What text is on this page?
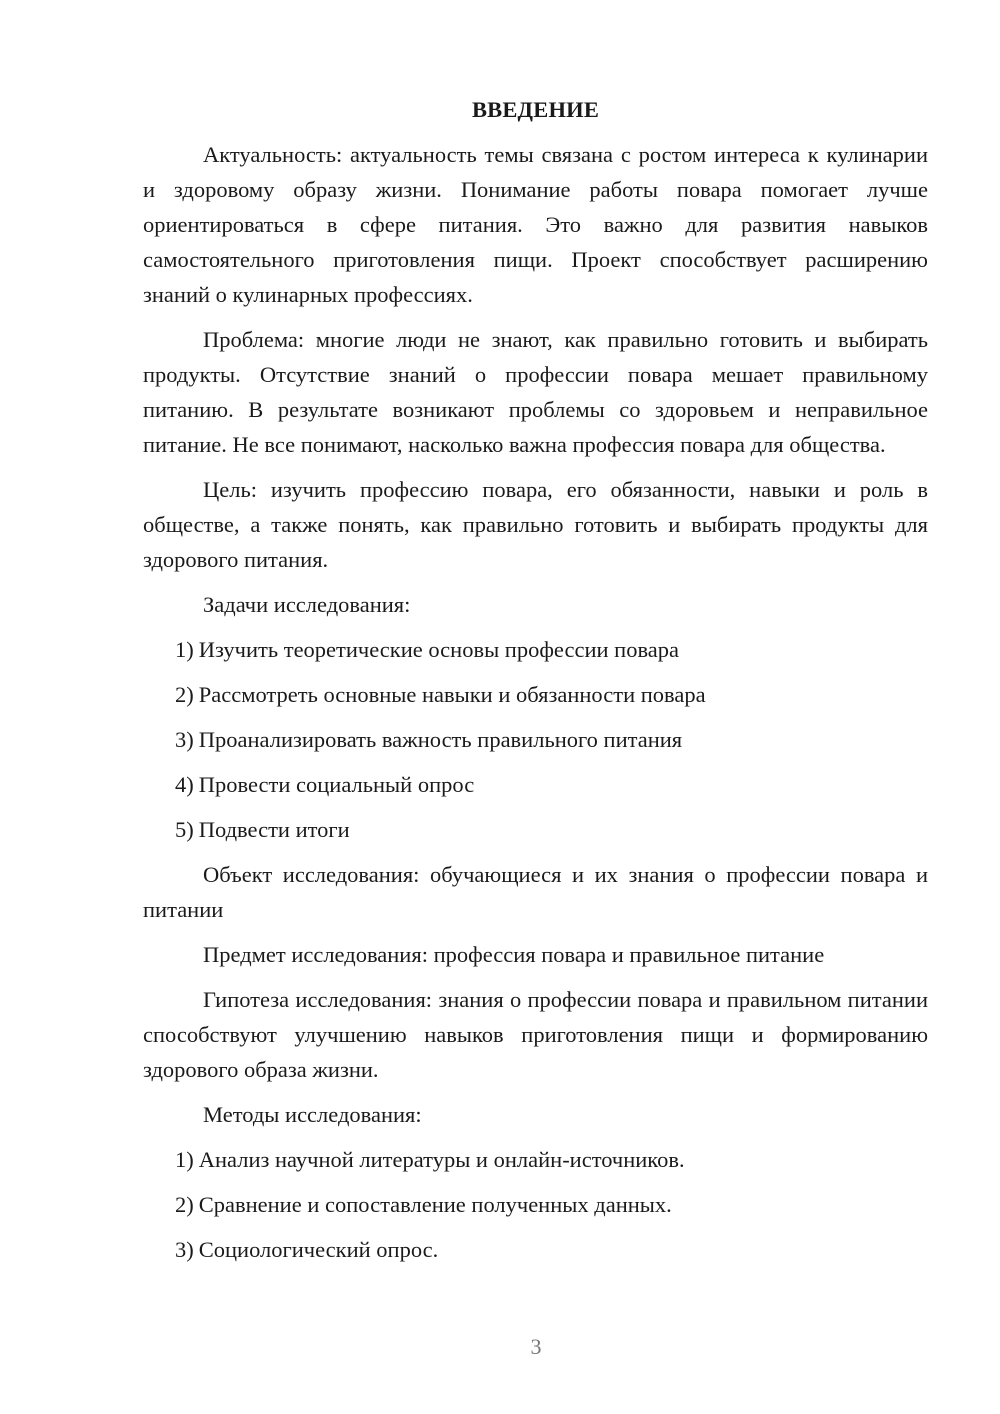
ВВЕДЕНИЕ

Актуальность: актуальность темы связана с ростом интереса к кулинарии и здоровому образу жизни. Понимание работы повара помогает лучше ориентироваться в сфере питания. Это важно для развития навыков самостоятельного приготовления пищи. Проект способствует расширению знаний о кулинарных профессиях.

Проблема: многие люди не знают, как правильно готовить и выбирать продукты. Отсутствие знаний о профессии повара мешает правильному питанию. В результате возникают проблемы со здоровьем и неправильное питание. Не все понимают, насколько важна профессия повара для общества.

Цель: изучить профессию повара, его обязанности, навыки и роль в обществе, а также понять, как правильно готовить и выбирать продукты для здорового питания.

Задачи исследования:

1) Изучить теоретические основы профессии повара
2) Рассмотреть основные навыки и обязанности повара
3) Проанализировать важность правильного питания
4) Провести социальный опрос
5) Подвести итоги

Объект исследования: обучающиеся и их знания о профессии повара и питании

Предмет исследования: профессия повара и правильное питание

Гипотеза исследования: знания о профессии повара и правильном питании способствуют улучшению навыков приготовления пищи и формированию здорового образа жизни.

Методы исследования:

1) Анализ научной литературы и онлайн-источников.
2) Сравнение и сопоставление полученных данных.
3) Социологический опрос.
3
